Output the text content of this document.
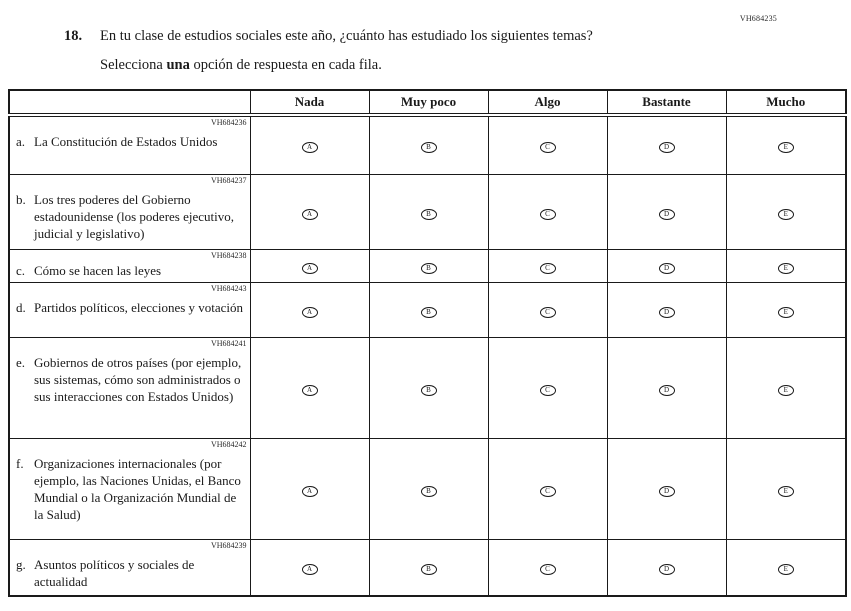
VH684235
18.	En tu clase de estudios sociales este año, ¿cuánto has estudiado los siguientes temas?
Selecciona una opción de respuesta en cada fila.
	Nada	Muy poco	Algo	Bastante	Mucho

VH684236
a. La Constitución de Estados Unidos	A	B	C	D	E

VH684237
b. Los tres poderes del Gobierno estadounidense (los poderes ejecutivo, judicial y legislativo)	A	B	C	D	E

VH684238
c. Cómo se hacen las leyes	A	B	C	D	E

VH684243
d. Partidos políticos, elecciones y votación	A	B	C	D	E

VH684241
e. Gobiernos de otros países (por ejemplo, sus sistemas, cómo son administrados o sus interacciones con Estados Unidos)	A	B	C	D	E

VH684242
f. Organizaciones internacionales (por ejemplo, las Naciones Unidas, el Banco Mundial o la Organización Mundial de la Salud)	A	B	C	D	E

VH684239
g. Asuntos políticos y sociales de actualidad	A	B	C	D	E
